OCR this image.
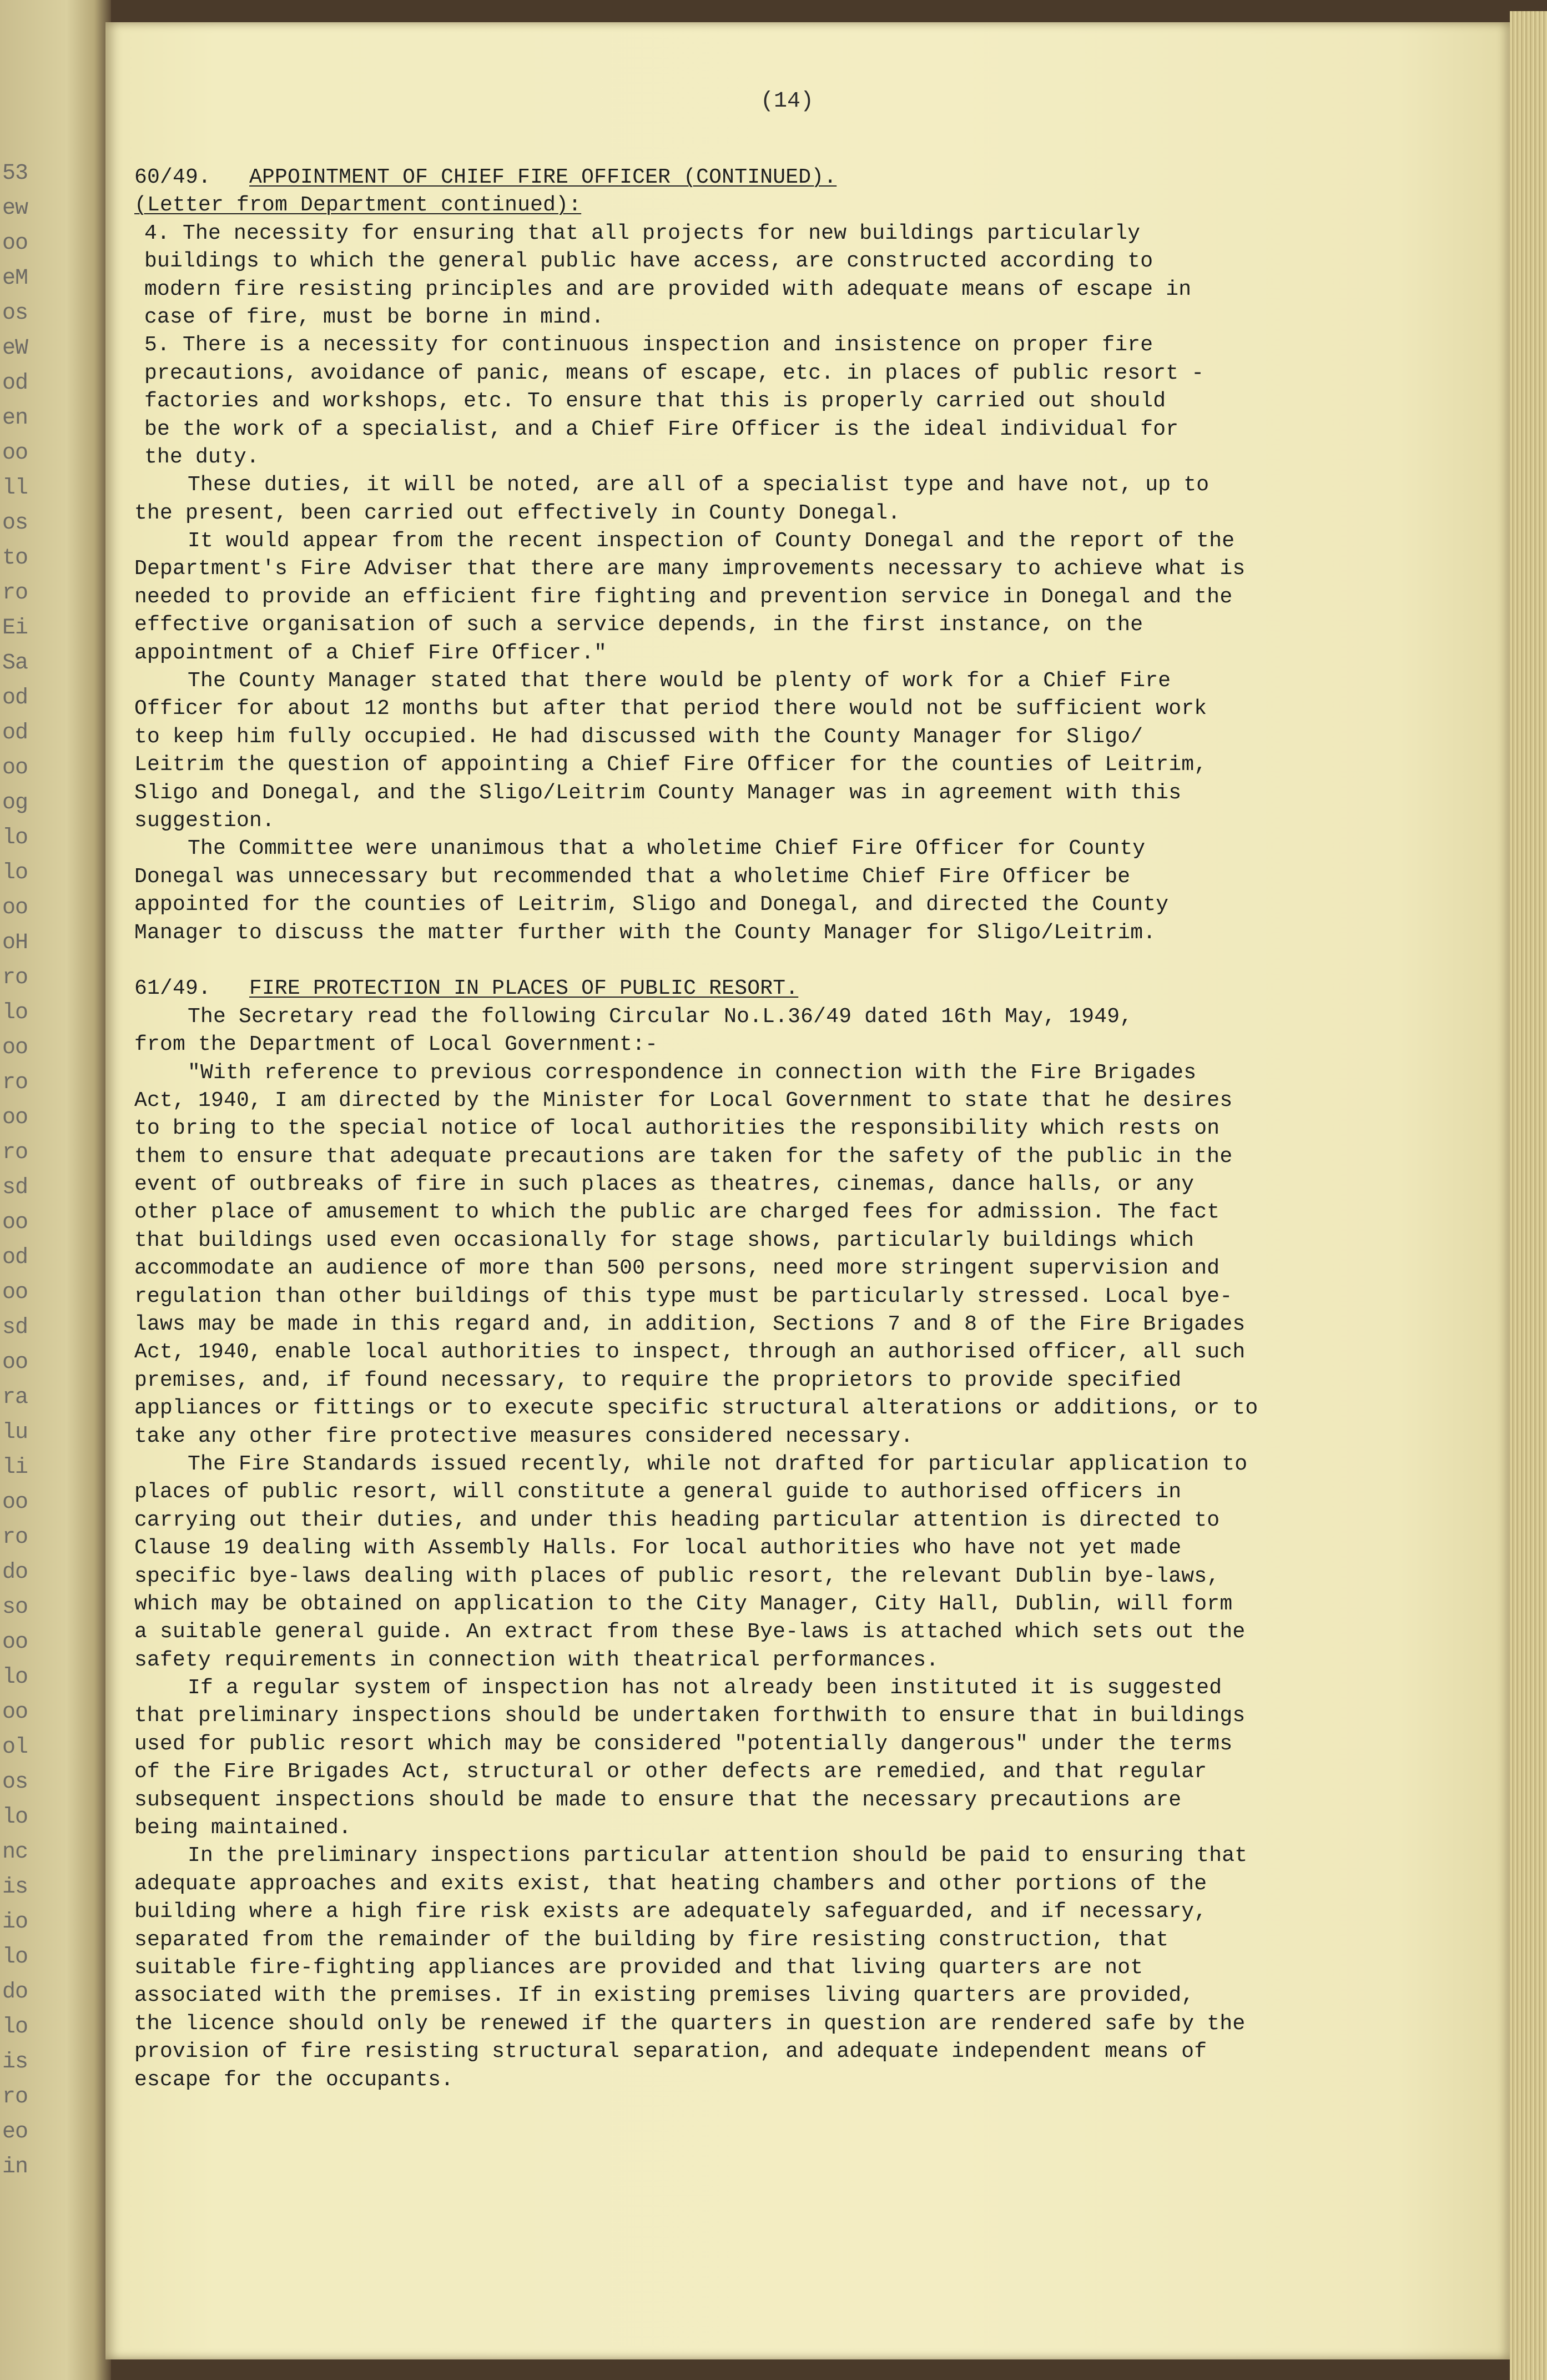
53
ew
oo
eM
os
eW
od
en
oo
ll
os
to
ro
Ei
Sa
od
od
oo
og
lo
lo
oo
oH
ro
lo
oo
ro
oo
ro
sd
oo
od
oo
sd
oo
ra
lu
li
oo
ro
do
so
oo
lo
oo
ol
os
lo
nc
is
io
lo
do
lo
is
ro
eo
in
(14)
60/49. APPOINTMENT OF CHIEF FIRE OFFICER (CONTINUED).
(Letter from Department continued):
4. The necessity for ensuring that all projects for new buildings particularly
buildings to which the general public have access, are constructed according to
modern fire resisting principles and are provided with adequate means of escape in
case of fire, must be borne in mind.
5. There is a necessity for continuous inspection and insistence on proper fire
precautions, avoidance of panic, means of escape, etc. in places of public resort -
factories and workshops, etc. To ensure that this is properly carried out should
be the work of a specialist, and a Chief Fire Officer is the ideal individual for
the duty.
These duties, it will be noted, are all of a specialist type and have not, up to
the present, been carried out effectively in County Donegal.
It would appear from the recent inspection of County Donegal and the report of the
Department's Fire Adviser that there are many improvements necessary to achieve what is
needed to provide an efficient fire fighting and prevention service in Donegal and the
effective organisation of such a service depends, in the first instance, on the
appointment of a Chief Fire Officer."
The County Manager stated that there would be plenty of work for a Chief Fire
Officer for about 12 months but after that period there would not be sufficient work
to keep him fully occupied. He had discussed with the County Manager for Sligo/
Leitrim the question of appointing a Chief Fire Officer for the counties of Leitrim,
Sligo and Donegal, and the Sligo/Leitrim County Manager was in agreement with this
suggestion.
The Committee were unanimous that a wholetime Chief Fire Officer for County
Donegal was unnecessary but recommended that a wholetime Chief Fire Officer be
appointed for the counties of Leitrim, Sligo and Donegal, and directed the County
Manager to discuss the matter further with the County Manager for Sligo/Leitrim.
61/49. FIRE PROTECTION IN PLACES OF PUBLIC RESORT.
The Secretary read the following Circular No.L.36/49 dated 16th May, 1949,
from the Department of Local Government:-
"With reference to previous correspondence in connection with the Fire Brigades
Act, 1940, I am directed by the Minister for Local Government to state that he desires
to bring to the special notice of local authorities the responsibility which rests on
them to ensure that adequate precautions are taken for the safety of the public in the
event of outbreaks of fire in such places as theatres, cinemas, dance halls, or any
other place of amusement to which the public are charged fees for admission. The fact
that buildings used even occasionally for stage shows, particularly buildings which
accommodate an audience of more than 500 persons, need more stringent supervision and
regulation than other buildings of this type must be particularly stressed. Local bye-
laws may be made in this regard and, in addition, Sections 7 and 8 of the Fire Brigades
Act, 1940, enable local authorities to inspect, through an authorised officer, all such
premises, and, if found necessary, to require the proprietors to provide specified
appliances or fittings or to execute specific structural alterations or additions, or to
take any other fire protective measures considered necessary.
The Fire Standards issued recently, while not drafted for particular application to
places of public resort, will constitute a general guide to authorised officers in
carrying out their duties, and under this heading particular attention is directed to
Clause 19 dealing with Assembly Halls. For local authorities who have not yet made
specific bye-laws dealing with places of public resort, the relevant Dublin bye-laws,
which may be obtained on application to the City Manager, City Hall, Dublin, will form
a suitable general guide. An extract from these Bye-laws is attached which sets out the
safety requirements in connection with theatrical performances.
If a regular system of inspection has not already been instituted it is suggested
that preliminary inspections should be undertaken forthwith to ensure that in buildings
used for public resort which may be considered "potentially dangerous" under the terms
of the Fire Brigades Act, structural or other defects are remedied, and that regular
subsequent inspections should be made to ensure that the necessary precautions are
being maintained.
In the preliminary inspections particular attention should be paid to ensuring that
adequate approaches and exits exist, that heating chambers and other portions of the
building where a high fire risk exists are adequately safeguarded, and if necessary,
separated from the remainder of the building by fire resisting construction, that
suitable fire-fighting appliances are provided and that living quarters are not
associated with the premises. If in existing premises living quarters are provided,
the licence should only be renewed if the quarters in question are rendered safe by the
provision of fire resisting structural separation, and adequate independent means of
escape for the occupants.
